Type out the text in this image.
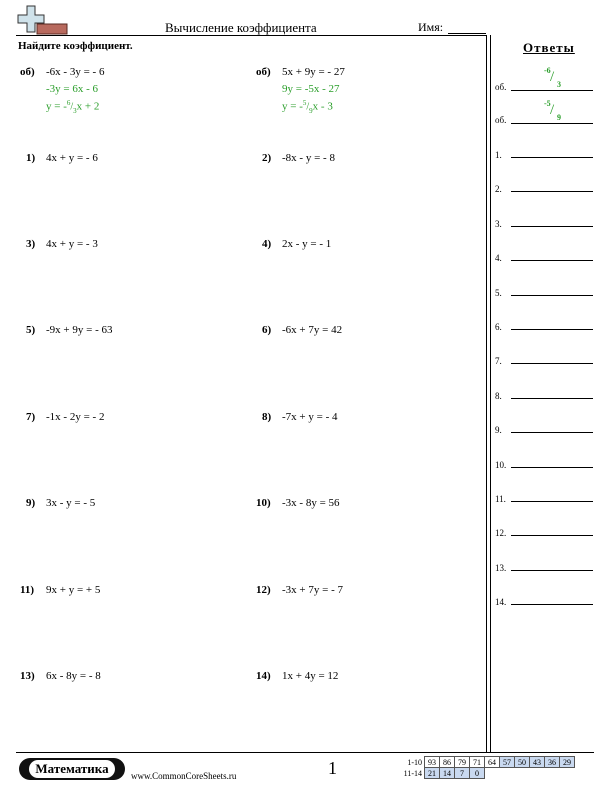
Вычисление коэффициента	Имя:
Найдите коэффициент.
об) -6x - 3y = - 6
-3y = 6x - 6
y = -6/3x + 2
об) 5x + 9y = - 27
9y = -5x - 27
y = -5/9x - 3
1) 4x + y = - 6
3) 4x + y = - 3
5) -9x + 9y = - 63
7) -1x - 2y = - 2
9) 3x - y = - 5
11) 9x + y = + 5
13) 6x - 8y = - 8
2) -8x - y = - 8
4) 2x - y = - 1
6) -6x + 7y = 42
8) -7x + y = - 4
10) -3x - 8y = 56
12) -3x + 7y = - 7
14) 1x + 4y = 12
Ответы
об.
-6 / 3
об.
-5 / 9
1.
2.
3.
4.
5.
6.
7.
8.
9.
10.
11.
12.
13.
14.
Математика	www.CommonCoreSheets.ru	1	1-10	93	86	79	71	64	57	50	43	36	29
11-14	21	14	7	0						
